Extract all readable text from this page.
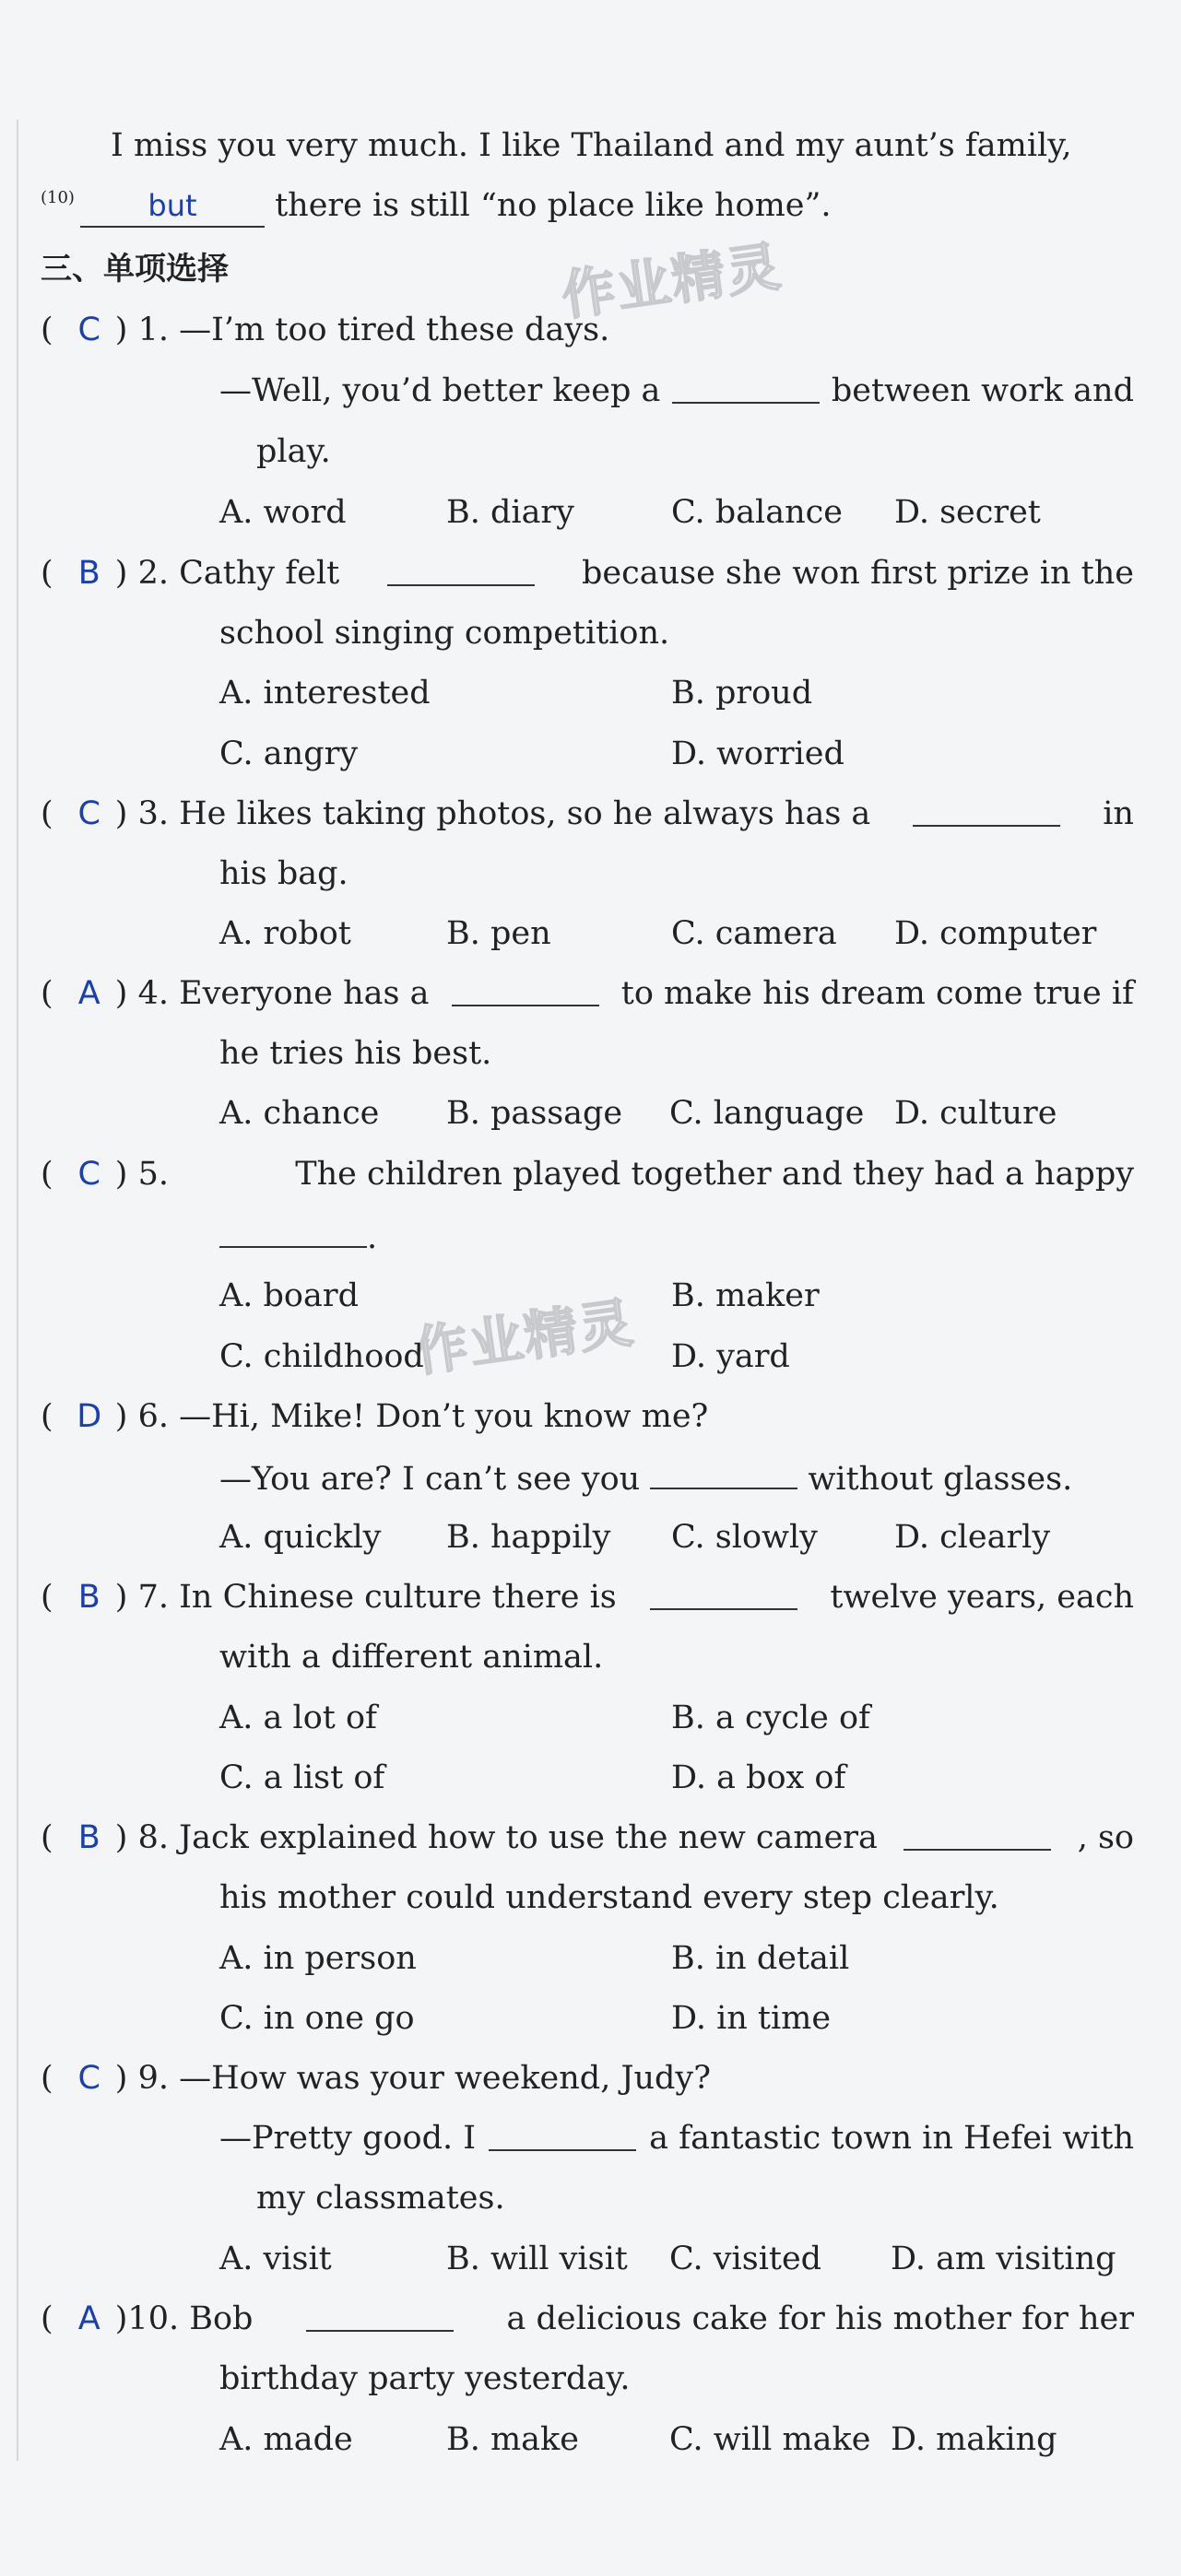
I miss you very much. I like Thailand and my aunt’s family,
$^{(10)}$ but there is still “no place like home”.
三、单项选择	作业精灵
作业精灵
( C ) 1. —I’m too tired these days.
—Well, you’d better keep a	between work and
play.
A. word	B. diary	C. balance D. secret
( B ) 2. Cathy felt	because she won first prize in the
school singing competition.
A. interested	B. proud
C. angry	D. worried
( C ) 3. He likes taking photos, so he always has a	in
his bag.
A. robot	B. pen	C. camera D. computer
( A ) 4. Everyone has a	to make his dream come true if
he tries his best.
A. chance B. passage C. language D. culture
( C ) 5.	The children played together and they had a happy
.
A. board	B. maker
C. childhood	D. yard
( D ) 6. —Hi, Mike! Don’t you know me?
—You are? I can’t see you	without glasses.
A. quickly B. happily C. slowly D. clearly
( B ) 7. In Chinese culture there is	twelve years, each
with a different animal.
A. a lot of	B. a cycle of
C. a list of	D. a box of
( B ) 8. Jack explained how to use the new camera	, so
his mother could understand every step clearly.
A. in person	B. in detail
C. in one go	D. in time
( C ) 9. —How was your weekend, Judy?
—Pretty good. I	a fantastic town in Hefei with
my classmates.
A. visit	B. will visit C. visited D. am visiting
( A )10. Bob	a delicious cake for his mother for her
birthday party yesterday.
A. made	B. make	C. will make D. making
